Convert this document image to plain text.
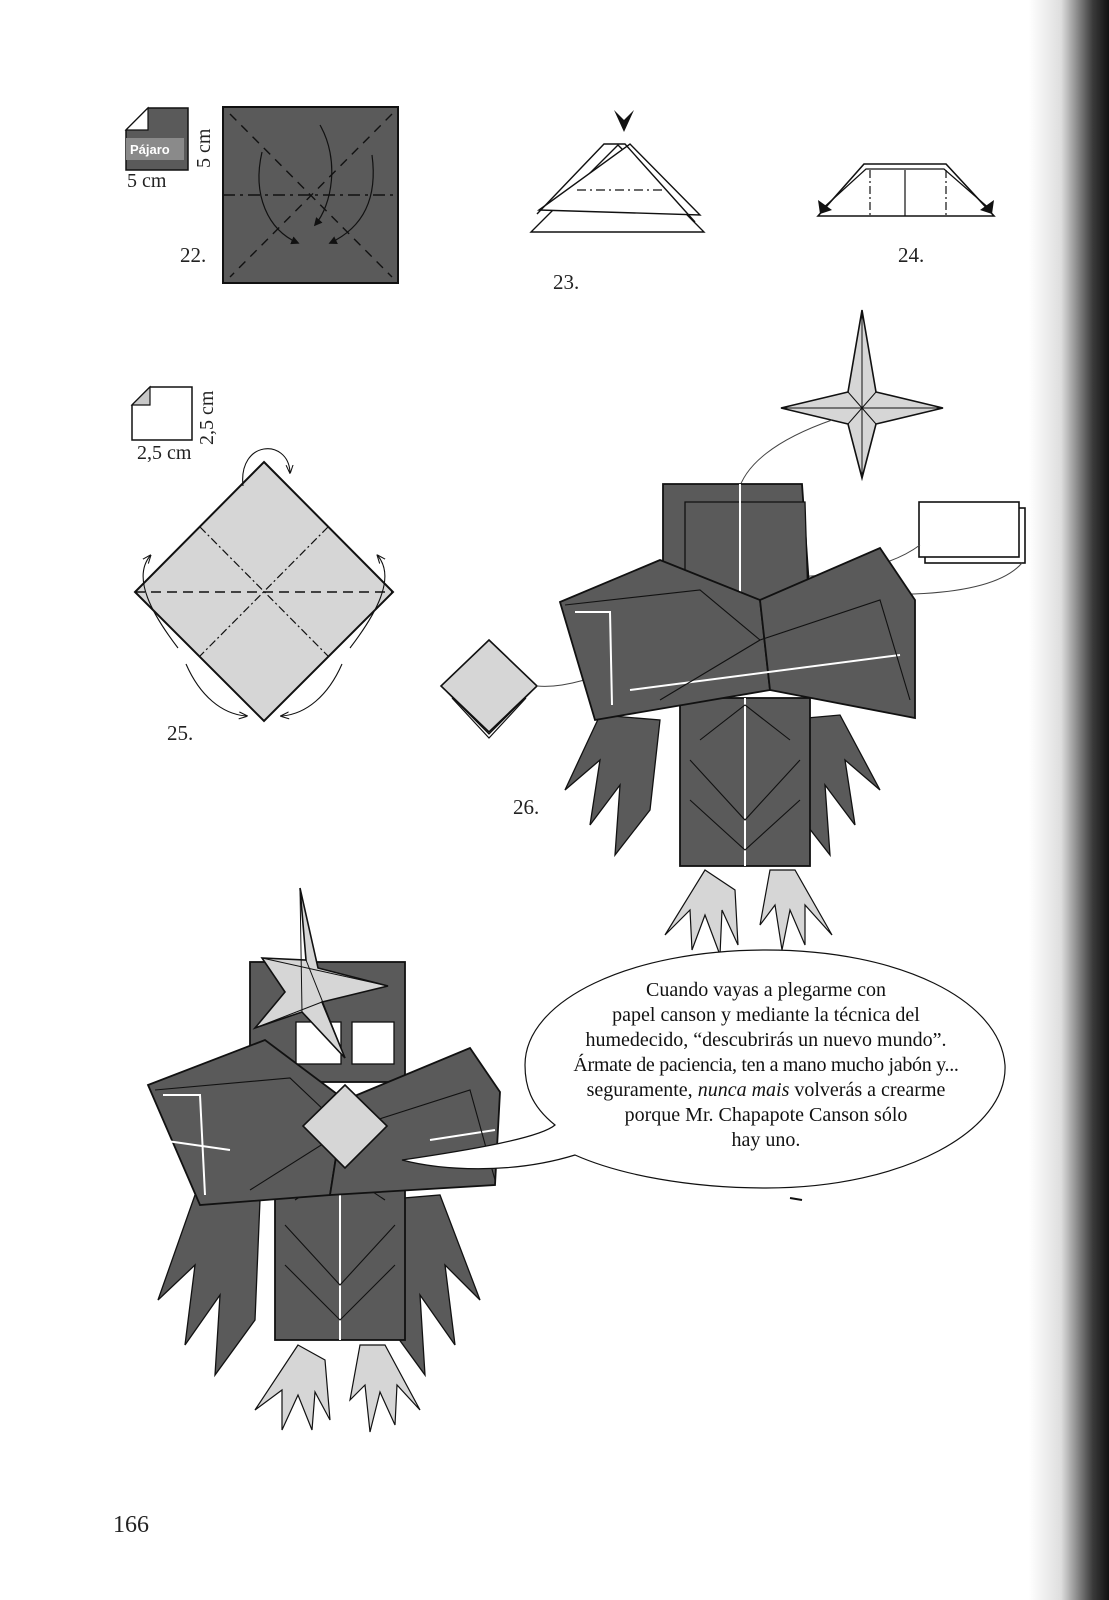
Pájaro
5 cm
5 cm
22.
23.
24.
2,5 cm
2,5 cm
25.
26.
Cuando vayas a plegarme con
papel canson y mediante la técnica del
humedecido, “descubrirás un nuevo mundo”.
Ármate de paciencia, ten a mano mucho jabón y...
seguramente, nunca mais volverás a crearme
porque Mr. Chapapote Canson sólo
hay uno.
166
